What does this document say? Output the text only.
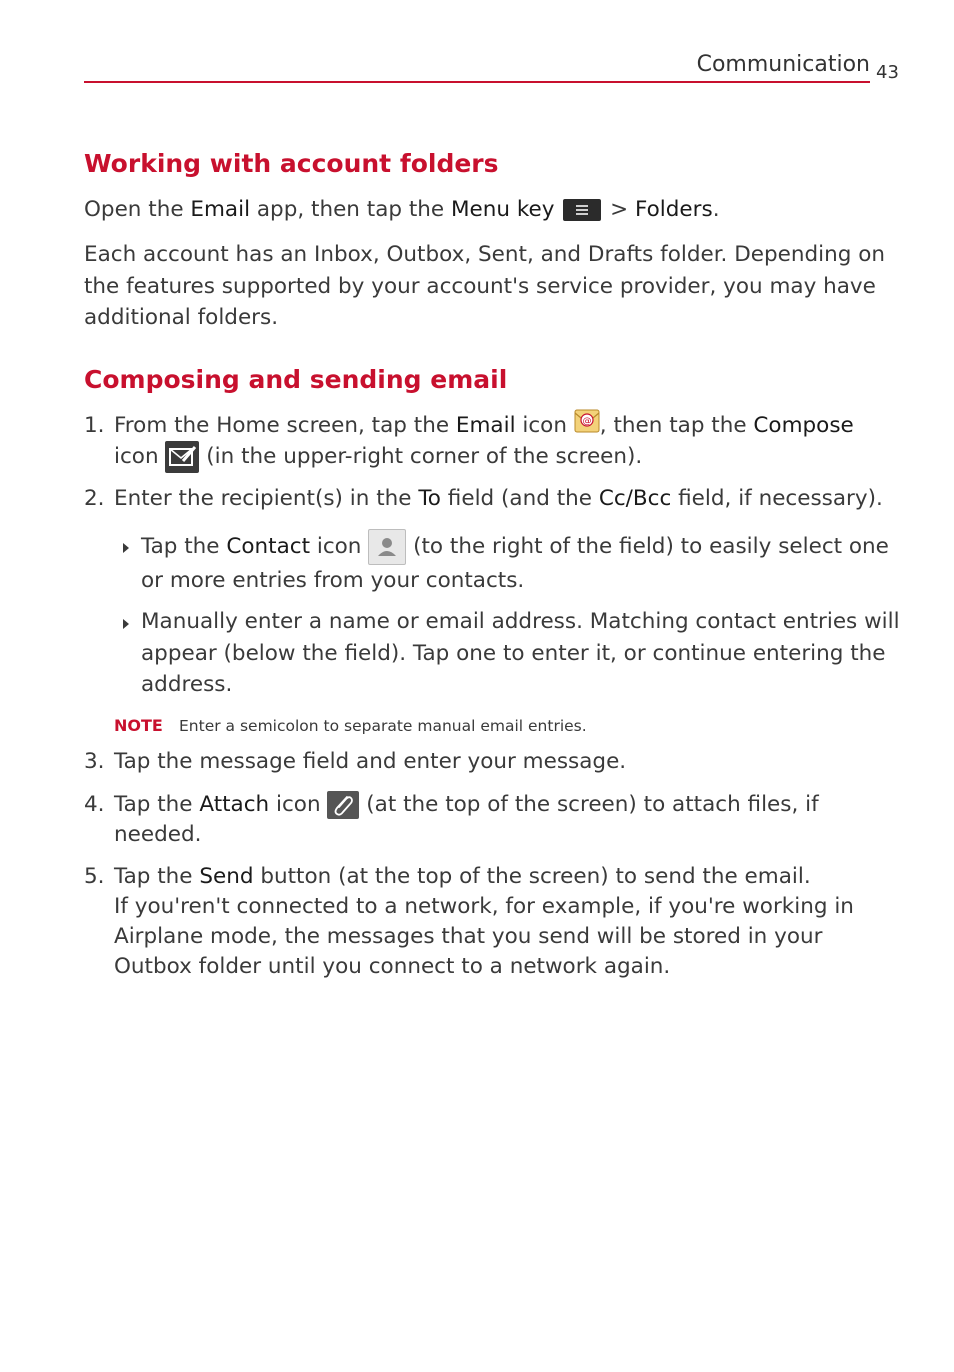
Communication 43
Working with account folders
Open the Email app, then tap the Menu key
> Folders.
Each account has an Inbox, Outbox, Sent, and Drafts folder. Depending on
the features supported by your account's service provider, you may have
additional folders.
Composing and sending email
1. From the Home screen, tap the Email icon @ , then tap the Compose
icon  (in the upper-right corner of the screen).
2. Enter the recipient(s) in the To field (and the Cc/Bcc field, if necessary).
Tap the Contact icon  (to the right of the field) to easily select one
or more entries from your contacts.
Manually enter a name or email address. Matching contact entries will
appear (below the field). Tap one to enter it, or continue entering the
address.
NOTE Enter a semicolon to separate manual email entries.
3. Tap the message field and enter your message.
4. Tap the Attach icon  (at the top of the screen) to attach files, if
needed.
5. Tap the Send button (at the top of the screen) to send the email.
If you'ren't connected to a network, for example, if you're working in
Airplane mode, the messages that you send will be stored in your
Outbox folder until you connect to a network again.
